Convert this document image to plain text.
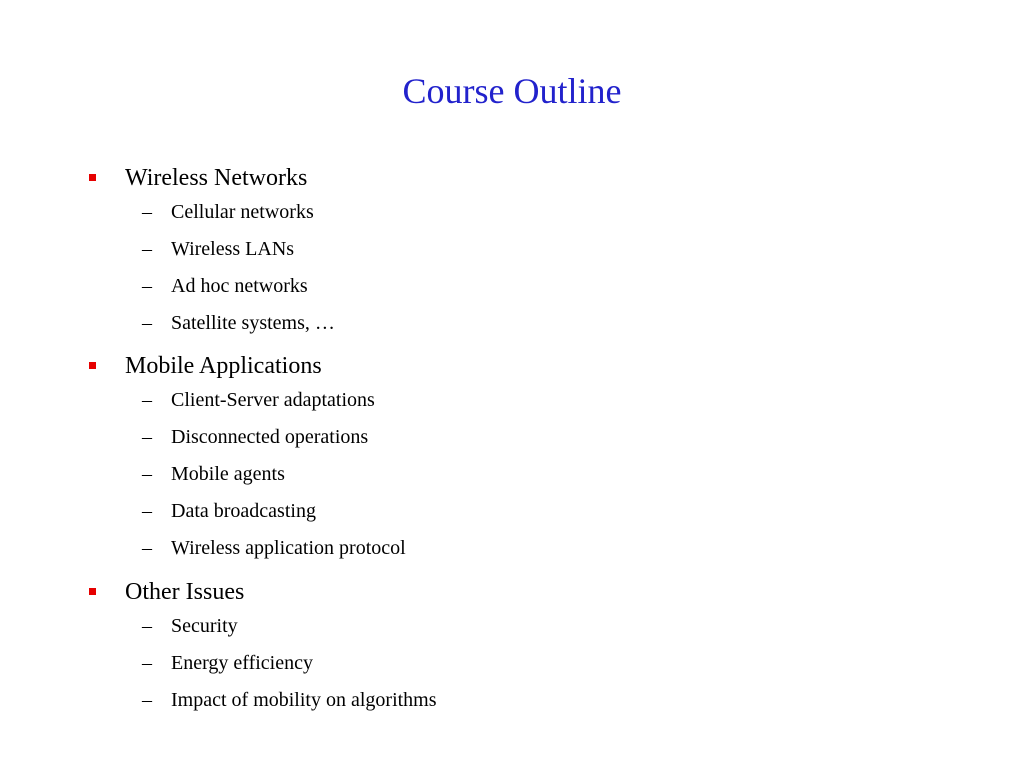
Course Outline
Wireless Networks
– Cellular networks
– Wireless LANs
– Ad hoc networks
– Satellite systems, …
Mobile Applications
– Client-Server adaptations
– Disconnected operations
– Mobile agents
– Data broadcasting
– Wireless application protocol
Other Issues
– Security
– Energy efficiency
– Impact of mobility on algorithms
